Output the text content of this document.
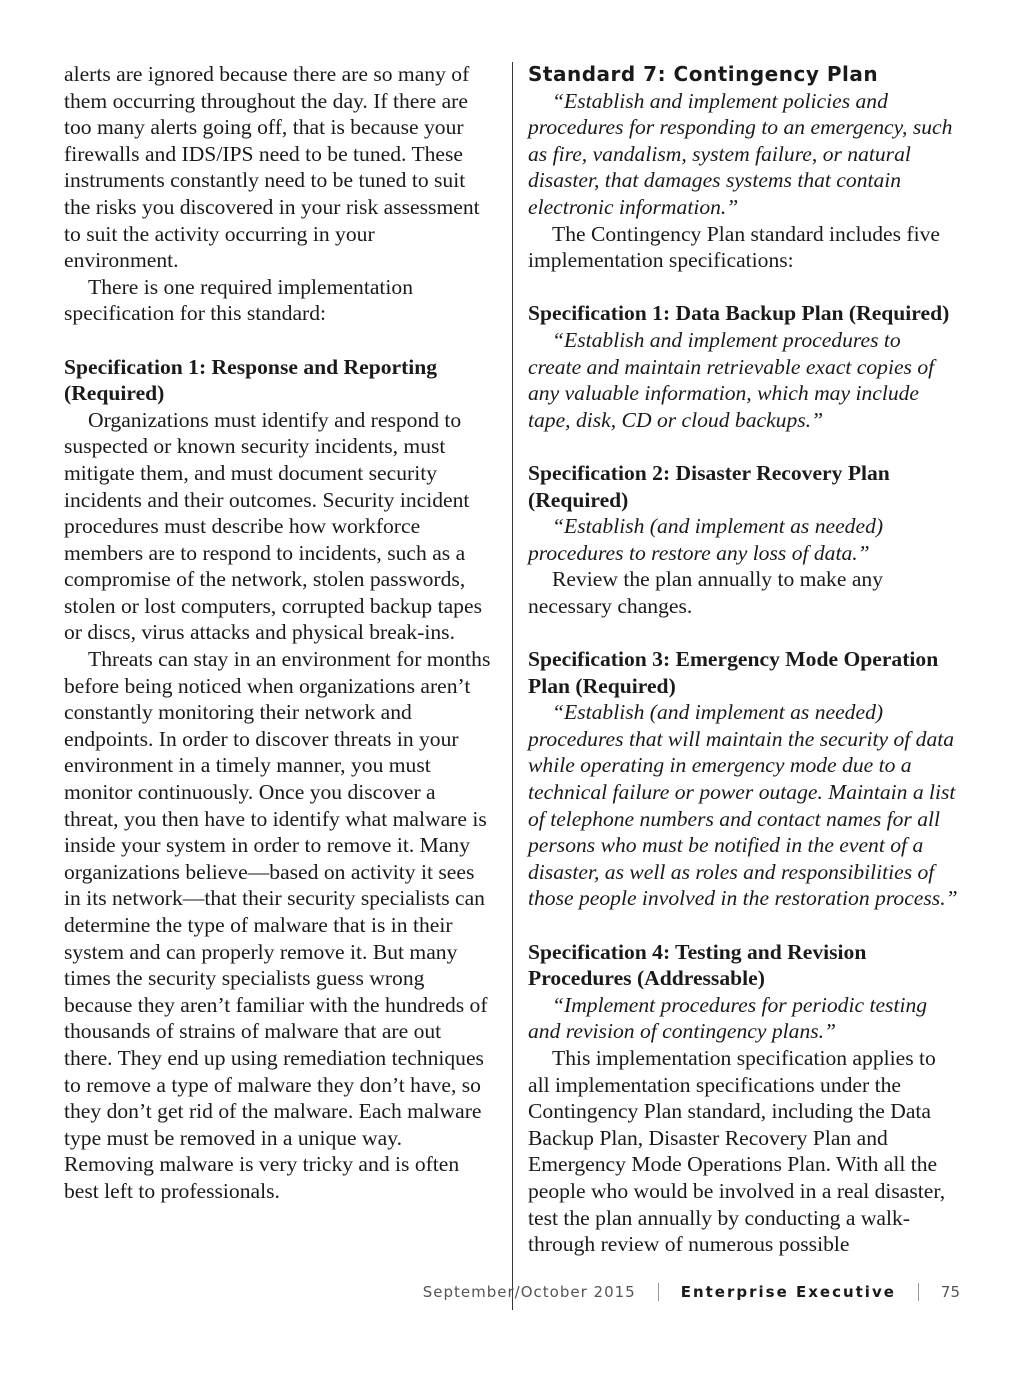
alerts are ignored because there are so many of them occurring throughout the day. If there are too many alerts going off, that is because your firewalls and IDS/IPS need to be tuned. These instruments constantly need to be tuned to suit the risks you discovered in your risk assessment to suit the activity occurring in your environment.

There is one required implementation specification for this standard:

Specification 1: Response and Reporting (Required)

Organizations must identify and respond to suspected or known security incidents, must mitigate them, and must document security incidents and their outcomes. Security incident procedures must describe how workforce members are to respond to incidents, such as a compromise of the network, stolen passwords, stolen or lost computers, corrupted backup tapes or discs, virus attacks and physical break-ins.

Threats can stay in an environment for months before being noticed when organizations aren’t constantly monitoring their network and endpoints. In order to discover threats in your environment in a timely manner, you must monitor continuously. Once you discover a threat, you then have to identify what malware is inside your system in order to remove it. Many organizations believe—based on activity it sees in its network—that their security specialists can determine the type of malware that is in their system and can properly remove it. But many times the security specialists guess wrong because they aren’t familiar with the hundreds of thousands of strains of malware that are out there. They end up using remediation techniques to remove a type of malware they don’t have, so they don’t get rid of the malware. Each malware type must be removed in a unique way. Removing malware is very tricky and is often best left to professionals.

Standard 7: Contingency Plan

“Establish and implement policies and procedures for responding to an emergency, such as fire, vandalism, system failure, or natural disaster, that damages systems that contain electronic information.”

The Contingency Plan standard includes five implementation specifications:

Specification 1: Data Backup Plan (Required)

“Establish and implement procedures to create and maintain retrievable exact copies of any valuable information, which may include tape, disk, CD or cloud backups.”

Specification 2: Disaster Recovery Plan (Required)

“Establish (and implement as needed) procedures to restore any loss of data.”

Review the plan annually to make any necessary changes.

Specification 3: Emergency Mode Operation Plan (Required)

“Establish (and implement as needed) procedures that will maintain the security of data while operating in emergency mode due to a technical failure or power outage. Maintain a list of telephone numbers and contact names for all persons who must be notified in the event of a disaster, as well as roles and responsibilities of those people involved in the restoration process.”

Specification 4: Testing and Revision Procedures (Addressable)

“Implement procedures for periodic testing and revision of contingency plans.”

This implementation specification applies to all implementation specifications under the Contingency Plan standard, including the Data Backup Plan, Disaster Recovery Plan and Emergency Mode Operations Plan. With all the people who would be involved in a real disaster, test the plan annually by conducting a walk-through review of numerous possible

September/October 2015	Enterprise Executive	75
